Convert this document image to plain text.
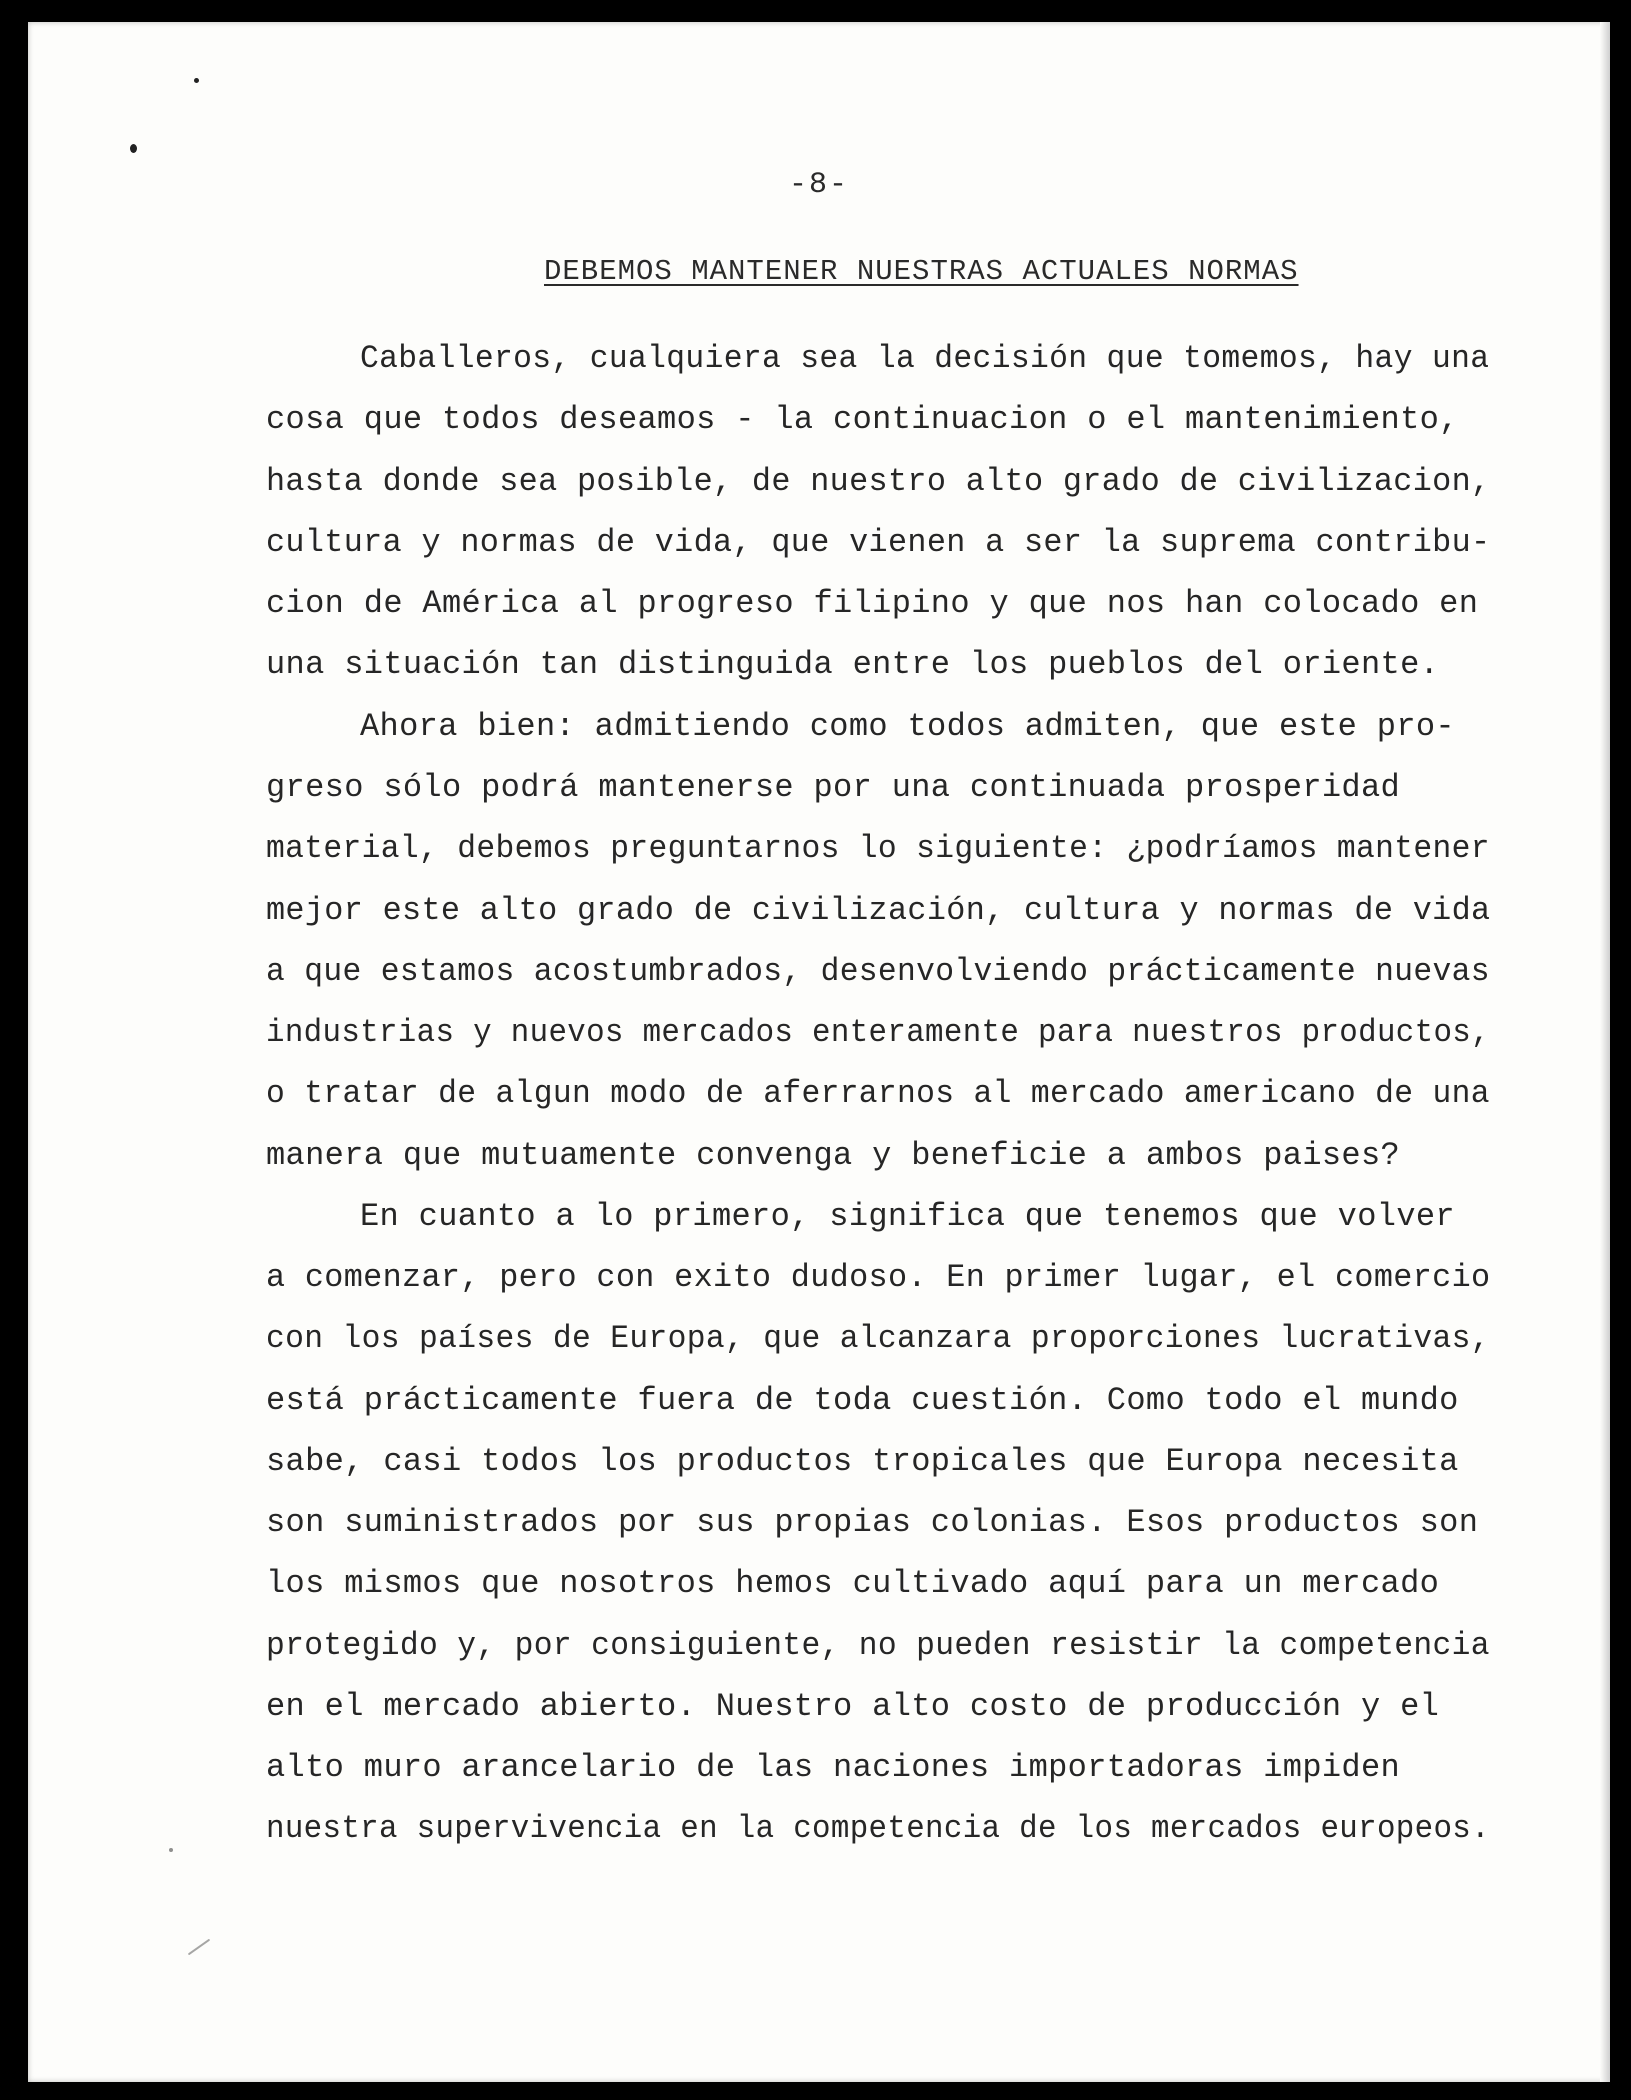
-8-
DEBEMOS MANTENER NUESTRAS ACTUALES NORMAS
Caballeros, cualquiera sea la decisión que tomemos, hay una
cosa que todos deseamos - la continuacion o el mantenimiento,
hasta donde sea posible, de nuestro alto grado de civilizacion,
cultura y normas de vida, que vienen a ser la suprema contribu-
cion de América al progreso filipino y que nos han colocado en
una situación tan distinguida entre los pueblos del oriente.
Ahora bien: admitiendo como todos admiten, que este pro-
greso sólo podrá mantenerse por una continuada prosperidad
material, debemos preguntarnos lo siguiente: ¿podríamos mantener
mejor este alto grado de civilización, cultura y normas de vida
a que estamos acostumbrados, desenvolviendo prácticamente nuevas
industrias y nuevos mercados enteramente para nuestros productos,
o tratar de algun modo de aferrarnos al mercado americano de una
manera que mutuamente convenga y beneficie a ambos paises?
En cuanto a lo primero, significa que tenemos que volver
a comenzar, pero con exito dudoso. En primer lugar, el comercio
con los países de Europa, que alcanzara proporciones lucrativas,
está prácticamente fuera de toda cuestión. Como todo el mundo
sabe, casi todos los productos tropicales que Europa necesita
son suministrados por sus propias colonias. Esos productos son
los mismos que nosotros hemos cultivado aquí para un mercado
protegido y, por consiguiente, no pueden resistir la competencia
en el mercado abierto. Nuestro alto costo de producción y el
alto muro arancelario de las naciones importadoras impiden
nuestra supervivencia en la competencia de los mercados europeos.
